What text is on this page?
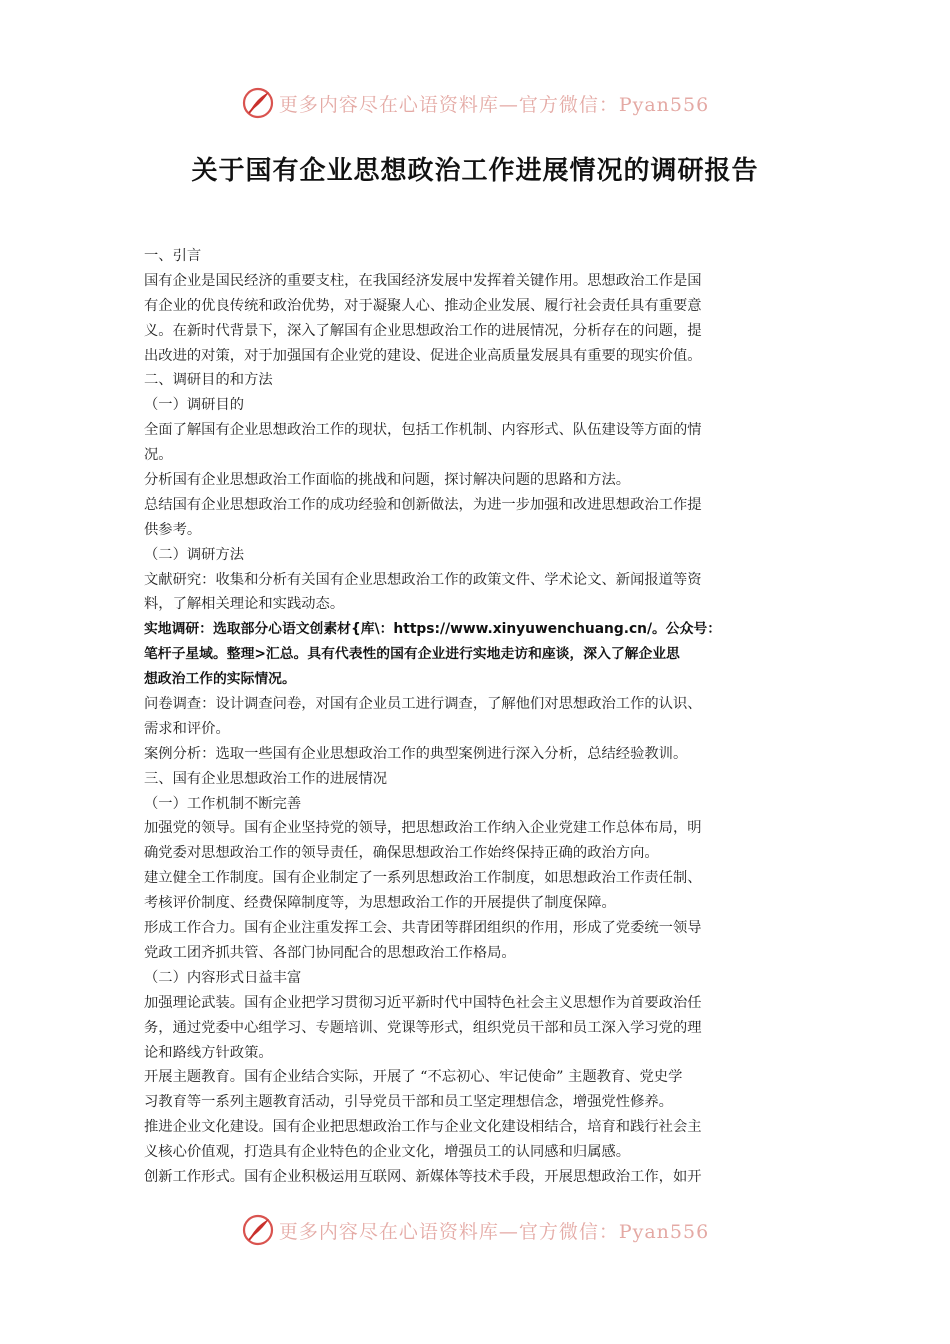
更多内容尽在心语资料库—官方微信：Pyan556
关于国有企业思想政治工作进展情况的调研报告
一、引言
国有企业是国民经济的重要支柱，在我国经济发展中发挥着关键作用。思想政治工作是国
有企业的优良传统和政治优势，对于凝聚人心、推动企业发展、履行社会责任具有重要意
义。在新时代背景下，深入了解国有企业思想政治工作的进展情况，分析存在的问题，提
出改进的对策，对于加强国有企业党的建设、促进企业高质量发展具有重要的现实价值。
二、调研目的和方法
（一）调研目的
全面了解国有企业思想政治工作的现状，包括工作机制、内容形式、队伍建设等方面的情
况。
分析国有企业思想政治工作面临的挑战和问题，探讨解决问题的思路和方法。
总结国有企业思想政治工作的成功经验和创新做法，为进一步加强和改进思想政治工作提
供参考。
（二）调研方法
文献研究：收集和分析有关国有企业思想政治工作的政策文件、学术论文、新闻报道等资
料，了解相关理论和实践动态。
实地调研：选取部分心语文创素材{库\：https://www.xinyuwenchuang.cn/。公众号：
笔杆子星域。整理>汇总。具有代表性的国有企业进行实地走访和座谈，深入了解企业思
想政治工作的实际情况。
问卷调查：设计调查问卷，对国有企业员工进行调查，了解他们对思想政治工作的认识、
需求和评价。
案例分析：选取一些国有企业思想政治工作的典型案例进行深入分析，总结经验教训。
三、国有企业思想政治工作的进展情况
（一）工作机制不断完善
加强党的领导。国有企业坚持党的领导，把思想政治工作纳入企业党建工作总体布局，明
确党委对思想政治工作的领导责任，确保思想政治工作始终保持正确的政治方向。
建立健全工作制度。国有企业制定了一系列思想政治工作制度，如思想政治工作责任制、
考核评价制度、经费保障制度等，为思想政治工作的开展提供了制度保障。
形成工作合力。国有企业注重发挥工会、共青团等群团组织的作用，形成了党委统一领导
党政工团齐抓共管、各部门协同配合的思想政治工作格局。
（二）内容形式日益丰富
加强理论武装。国有企业把学习贯彻习近平新时代中国特色社会主义思想作为首要政治任
务，通过党委中心组学习、专题培训、党课等形式，组织党员干部和员工深入学习党的理
论和路线方针政策。
开展主题教育。国有企业结合实际，开展了 “不忘初心、牢记使命” 主题教育、党史学
习教育等一系列主题教育活动，引导党员干部和员工坚定理想信念，增强党性修养。
推进企业文化建设。国有企业把思想政治工作与企业文化建设相结合，培育和践行社会主
义核心价值观，打造具有企业特色的企业文化，增强员工的认同感和归属感。
创新工作形式。国有企业积极运用互联网、新媒体等技术手段，开展思想政治工作，如开
更多内容尽在心语资料库—官方微信：Pyan556
